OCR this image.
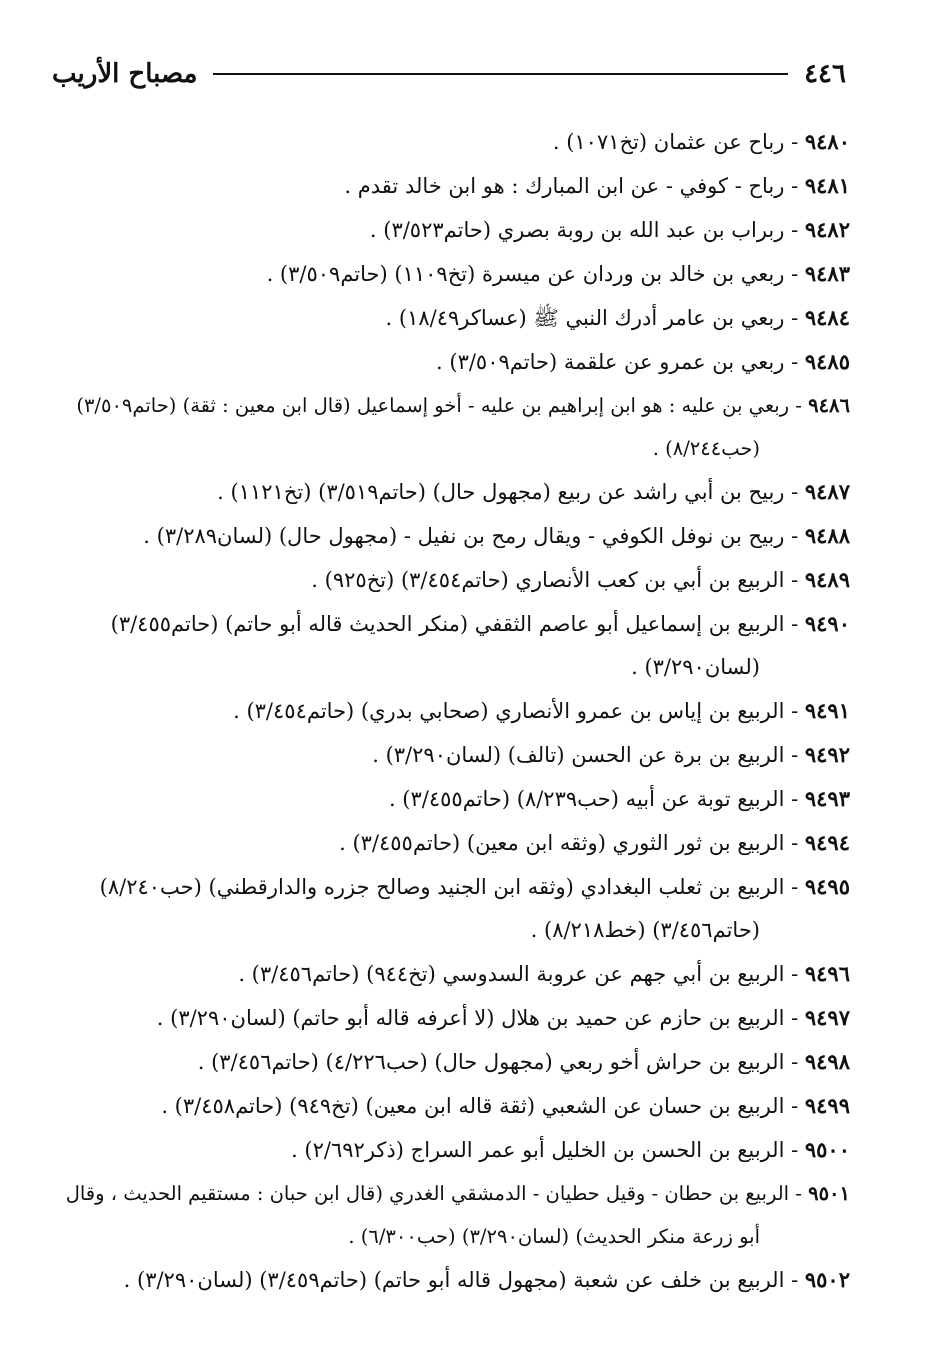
٤٤٦
مصباح الأريب

٩٤٨٠ - رباح عن عثمان (تخ١٠٧١) .

٩٤٨١ - رباح - كوفي - عن ابن المبارك : هو ابن خالد تقدم .

٩٤٨٢ - ربراب بن عبد الله بن روبة بصري (حاتم٣/٥٢٣) .

٩٤٨٣ - ربعي بن خالد بن وردان عن ميسرة (تخ١١٠٩) (حاتم٣/٥٠٩) .

٩٤٨٤ - ربعي بن عامر أدرك النبي ﷺ (عساكر١٨/٤٩) .

٩٤٨٥ - ربعي بن عمرو عن علقمة (حاتم٣/٥٠٩) .

٩٤٨٦ - ربعي بن عليه : هو ابن إبراهيم بن عليه - أخو إسماعيل (قال ابن معين : ثقة) (حاتم٣/٥٠٩)
(حب٨/٢٤٤) .

٩٤٨٧ - ربيح بن أبي راشد عن ربيع (مجهول حال) (حاتم٣/٥١٩) (تخ١١٢١) .

٩٤٨٨ - ربيح بن نوفل الكوفي - ويقال رمح بن نفيل - (مجهول حال) (لسان٣/٢٨٩) .

٩٤٨٩ - الربيع بن أبي بن كعب الأنصاري (حاتم٣/٤٥٤) (تخ٩٢٥) .

٩٤٩٠ - الربيع بن إسماعيل أبو عاصم الثقفي (منكر الحديث قاله أبو حاتم) (حاتم٣/٤٥٥)
(لسان٣/٢٩٠) .

٩٤٩١ - الربيع بن إياس بن عمرو الأنصاري (صحابي بدري) (حاتم٣/٤٥٤) .

٩٤٩٢ - الربيع بن برة عن الحسن (تالف) (لسان٣/٢٩٠) .

٩٤٩٣ - الربيع توبة عن أبيه (حب٨/٢٣٩) (حاتم٣/٤٥٥) .

٩٤٩٤ - الربيع بن ثور الثوري (وثقه ابن معين) (حاتم٣/٤٥٥) .

٩٤٩٥ - الربيع بن ثعلب البغدادي (وثقه ابن الجنيد وصالح جزره والدارقطني) (حب٨/٢٤٠)
(حاتم٣/٤٥٦) (خط٨/٢١٨) .

٩٤٩٦ - الربيع بن أبي جهم عن عروبة السدوسي (تخ٩٤٤) (حاتم٣/٤٥٦) .

٩٤٩٧ - الربيع بن حازم عن حميد بن هلال (لا أعرفه قاله أبو حاتم) (لسان٣/٢٩٠) .

٩٤٩٨ - الربيع بن حراش أخو ربعي (مجهول حال) (حب٤/٢٢٦) (حاتم٣/٤٥٦) .

٩٤٩٩ - الربيع بن حسان عن الشعبي (ثقة قاله ابن معين) (تخ٩٤٩) (حاتم٣/٤٥٨) .

٩٥٠٠ - الربيع بن الحسن بن الخليل أبو عمر السراج (ذكر٢/٦٩٢) .

٩٥٠١ - الربيع بن حطان - وقيل حطيان - الدمشقي الغدري (قال ابن حبان : مستقيم الحديث ، وقال
أبو زرعة منكر الحديث) (لسان٣/٢٩٠) (حب٦/٣٠٠) .

٩٥٠٢ - الربيع بن خلف عن شعبة (مجهول قاله أبو حاتم) (حاتم٣/٤٥٩) (لسان٣/٢٩٠) .
